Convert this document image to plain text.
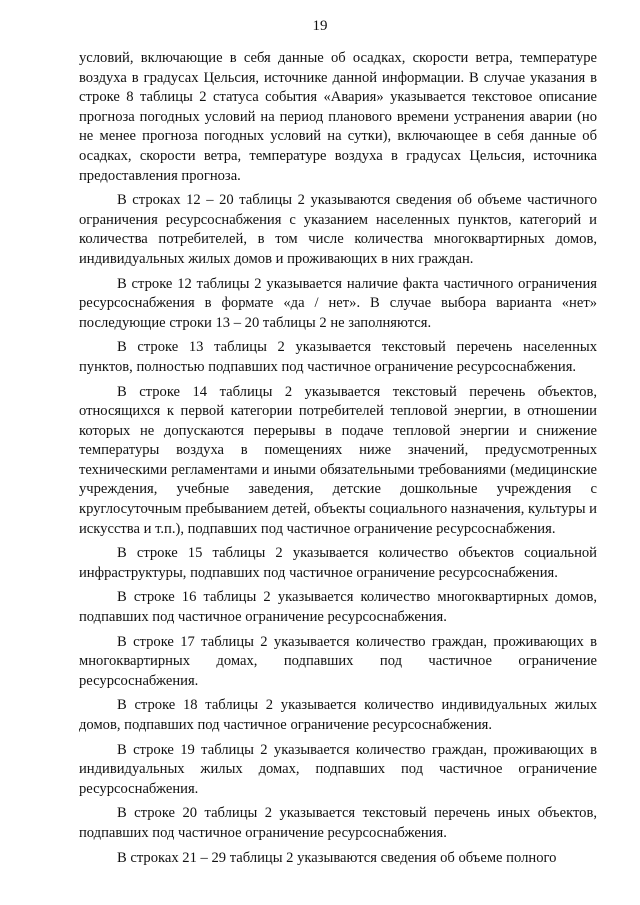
19

условий, включающие в себя данные об осадках, скорости ветра, температуре воздуха в градусах Цельсия, источнике данной информации. В случае указания в строке 8 таблицы 2 статуса события «Авария» указывается текстовое описание прогноза погодных условий на период планового времени устранения аварии (но не менее прогноза погодных условий на сутки), включающее в себя данные об осадках, скорости ветра, температуре воздуха в градусах Цельсия, источника предоставления прогноза.

В строках 12 – 20 таблицы 2 указываются сведения об объеме частичного ограничения ресурсоснабжения с указанием населенных пунктов, категорий и количества потребителей, в том числе количества многоквартирных домов, индивидуальных жилых домов и проживающих в них граждан.

В строке 12 таблицы 2 указывается наличие факта частичного ограничения ресурсоснабжения в формате «да / нет». В случае выбора варианта «нет» последующие строки 13 – 20 таблицы 2 не заполняются.

В строке 13 таблицы 2 указывается текстовый перечень населенных пунктов, полностью подпавших под частичное ограничение ресурсоснабжения.

В строке 14 таблицы 2 указывается текстовый перечень объектов, относящихся к первой категории потребителей тепловой энергии, в отношении которых не допускаются перерывы в подаче тепловой энергии и снижение температуры воздуха в помещениях ниже значений, предусмотренных техническими регламентами и иными обязательными требованиями (медицинские учреждения, учебные заведения, детские дошкольные учреждения с круглосуточным пребыванием детей, объекты социального назначения, культуры и искусства и т.п.), подпавших под частичное ограничение ресурсоснабжения.

В строке 15 таблицы 2 указывается количество объектов социальной инфраструктуры, подпавших под частичное ограничение ресурсоснабжения.

В строке 16 таблицы 2 указывается количество многоквартирных домов, подпавших под частичное ограничение ресурсоснабжения.

В строке 17 таблицы 2 указывается количество граждан, проживающих в многоквартирных домах, подпавших под частичное ограничение ресурсоснабжения.

В строке 18 таблицы 2 указывается количество индивидуальных жилых домов, подпавших под частичное ограничение ресурсоснабжения.

В строке 19 таблицы 2 указывается количество граждан, проживающих в индивидуальных жилых домах, подпавших под частичное ограничение ресурсоснабжения.

В строке 20 таблицы 2 указывается текстовый перечень иных объектов, подпавших под частичное ограничение ресурсоснабжения.

В строках 21 – 29 таблицы 2 указываются сведения об объеме полного
